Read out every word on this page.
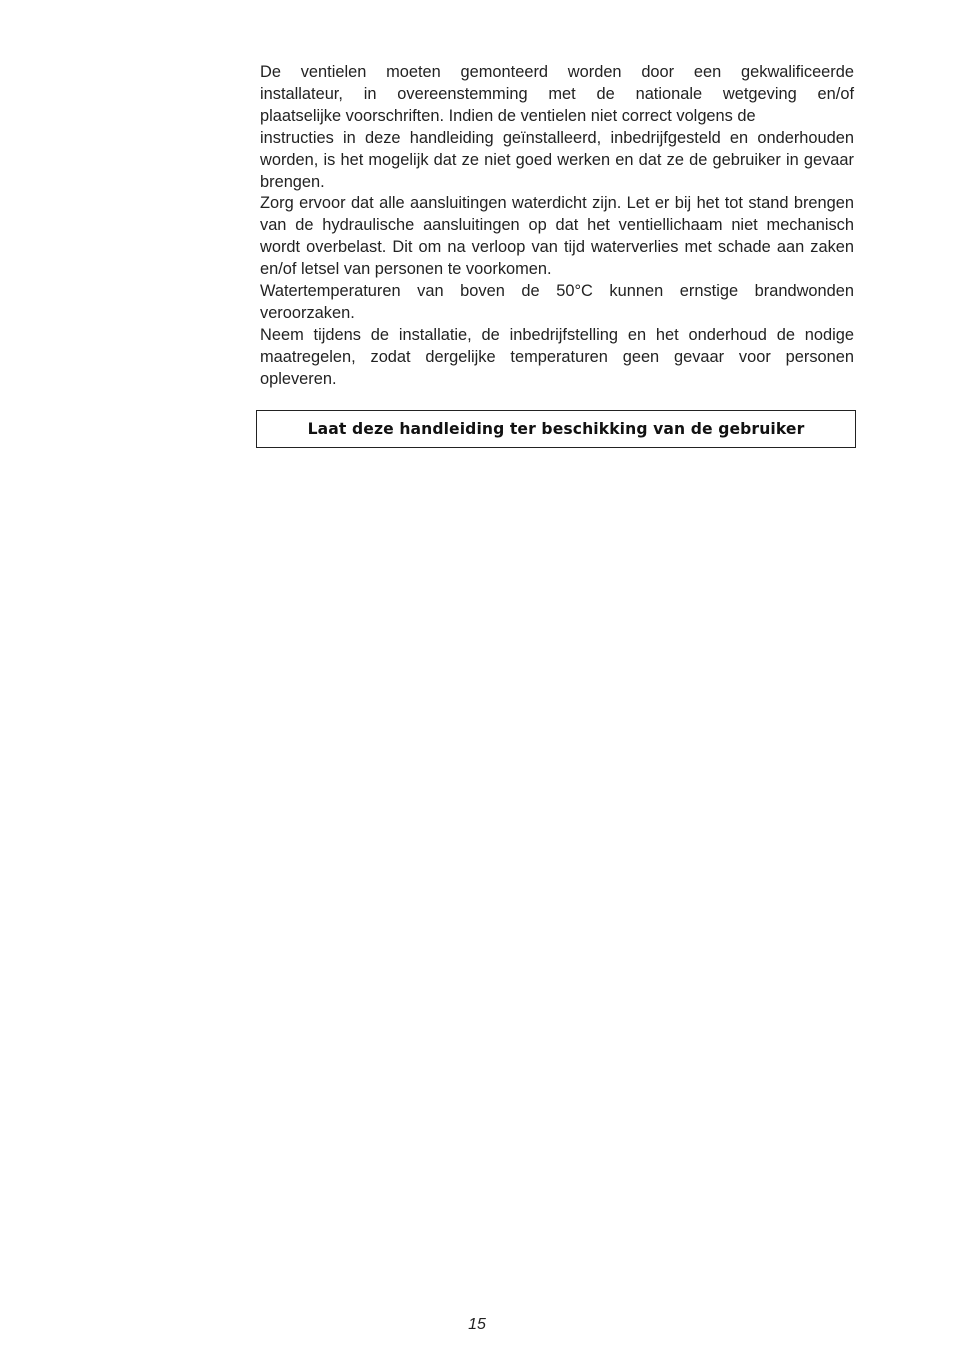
De ventielen moeten gemonteerd worden door een gekwalificeerde
installateur, in overeenstemming met de nationale wetgeving en/of
plaatselijke voorschriften. Indien de ventielen niet correct volgens de
instructies in deze handleiding geïnstalleerd, inbedrijfgesteld en onderhouden worden, is het mogelijk dat ze niet goed werken en dat ze de gebruiker in gevaar brengen.

Zorg ervoor dat alle aansluitingen waterdicht zijn. Let er bij het tot stand brengen van de hydraulische aansluitingen op dat het ventiellichaam niet mechanisch wordt overbelast. Dit om na verloop van tijd waterverlies met schade aan zaken en/of letsel van personen te voorkomen.

Watertemperaturen van boven de 50°C kunnen ernstige brandwonden veroorzaken.

Neem tijdens de installatie, de inbedrijfstelling en het onderhoud de nodige maatregelen, zodat dergelijke temperaturen geen gevaar voor personen opleveren.

Laat deze handleiding ter beschikking van de gebruiker
15
